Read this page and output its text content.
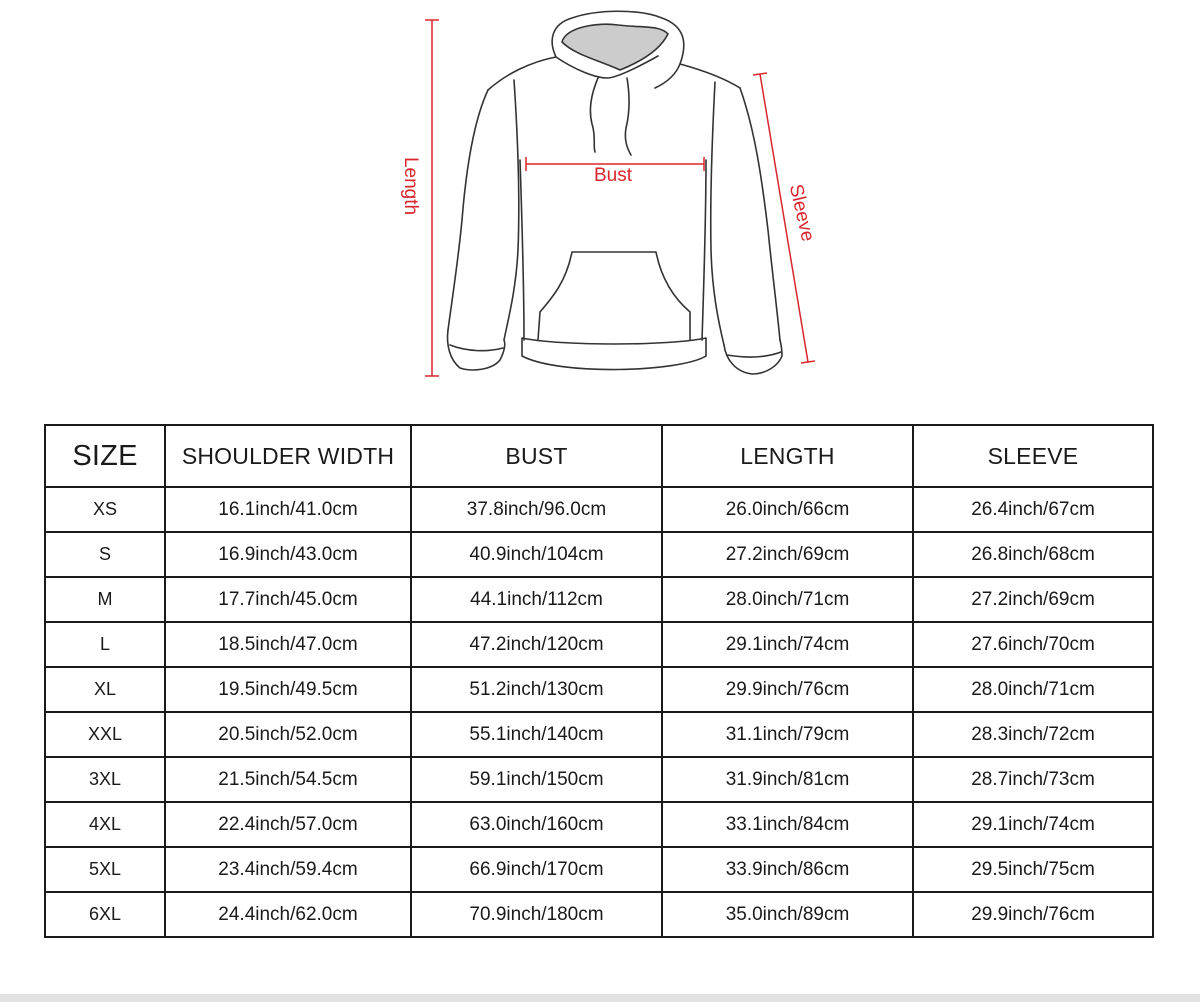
Length	Bust
Sleeve
SIZE	SHOULDER WIDTH	BUST	LENGTH	SLEEVE
XS	16.1inch/41.0cm	37.8inch/96.0cm	26.0inch/66cm	26.4inch/67cm
S	16.9inch/43.0cm	40.9inch/104cm	27.2inch/69cm	26.8inch/68cm
M	17.7inch/45.0cm	44.1inch/112cm	28.0inch/71cm	27.2inch/69cm
L	18.5inch/47.0cm	47.2inch/120cm	29.1inch/74cm	27.6inch/70cm
XL	19.5inch/49.5cm	51.2inch/130cm	29.9inch/76cm	28.0inch/71cm
XXL	20.5inch/52.0cm	55.1inch/140cm	31.1inch/79cm	28.3inch/72cm
3XL	21.5inch/54.5cm	59.1inch/150cm	31.9inch/81cm	28.7inch/73cm
4XL	22.4inch/57.0cm	63.0inch/160cm	33.1inch/84cm	29.1inch/74cm
5XL	23.4inch/59.4cm	66.9inch/170cm	33.9inch/86cm	29.5inch/75cm
6XL	24.4inch/62.0cm	70.9inch/180cm	35.0inch/89cm	29.9inch/76cm
